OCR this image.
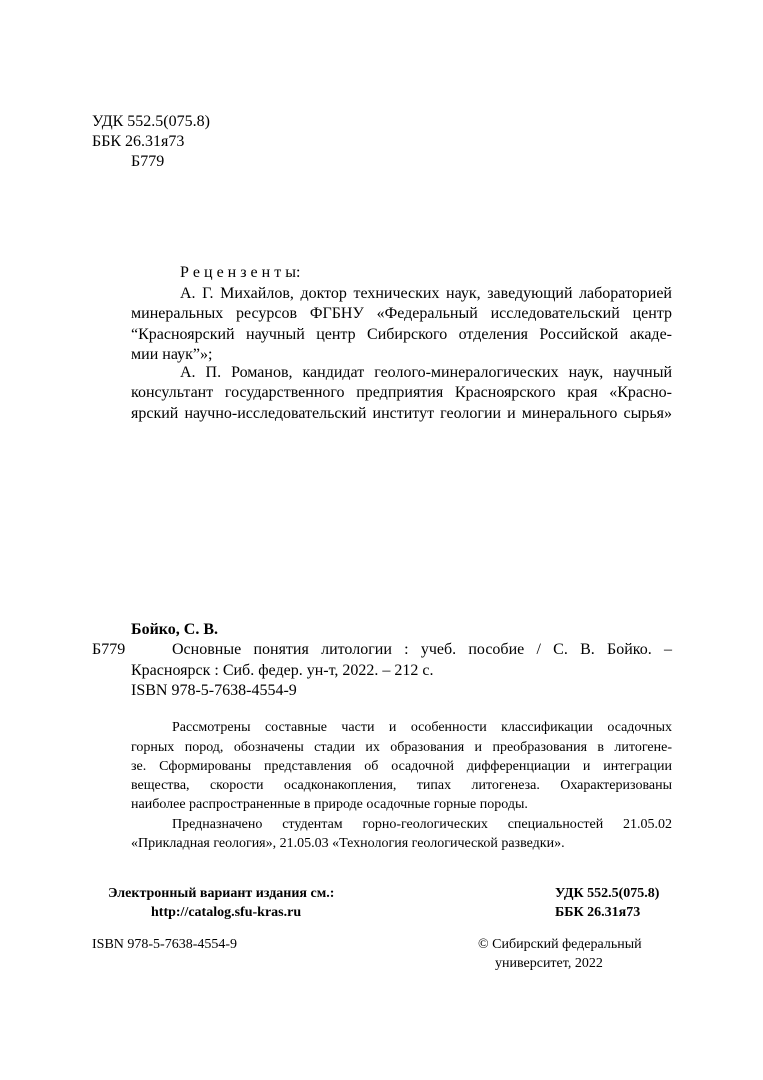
УДК 552.5(075.8)
ББК 26.31я73
Б779
Р е ц е н з е н т ы:
А. Г. Михайлов, доктор технических наук, заведующий лабораторией
минеральных ресурсов ФГБНУ «Федеральный исследовательский центр
“Красноярский научный центр Сибирского отделения Российской акаде-
мии наук”»;
А. П. Романов, кандидат геолого-минералогических наук, научный
консультант государственного предприятия Красноярского края «Красно-
ярский научно-исследовательский институт геологии и минерального сырья»
Бойко, С. В.
Б779	Основные понятия литологии : учеб. пособие / С. В. Бойко. –
Красноярск : Сиб. федер. ун-т, 2022. – 212 с.
ISBN 978-5-7638-4554-9
Рассмотрены составные части и особенности классификации осадочных
горных пород, обозначены стадии их образования и преобразования в литогене-
зе. Сформированы представления об осадочной дифференциации и интеграции
вещества, скорости осадконакопления, типах литогенеза. Охарактеризованы
наиболее распространенные в природе осадочные горные породы.
Предназначено студентам горно-геологических специальностей 21.05.02
«Прикладная геология», 21.05.03 «Технология геологической разведки».
Электронный вариант издания см.:
http://catalog.sfu-kras.ru
УДК 552.5(075.8)
ББК 26.31я73
ISBN 978-5-7638-4554-9	© Сибирский федеральный
университет, 2022
